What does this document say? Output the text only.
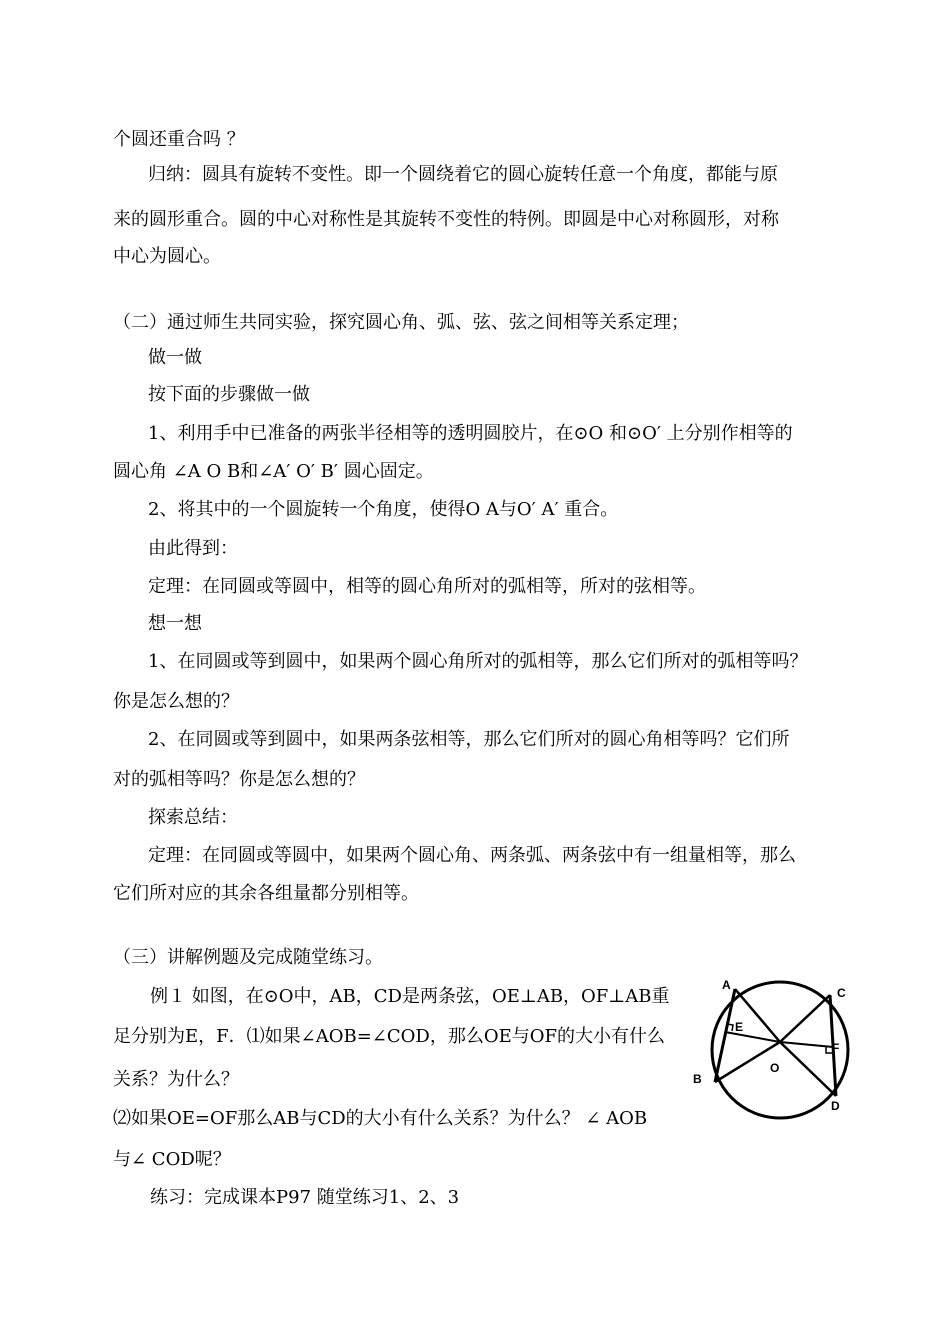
个圆还重合吗 ？
归纳：圆具有旋转不变性。即一个圆绕着它的圆心旋转任意一个角度，都能与原
来的圆形重合。圆的中心对称性是其旋转不变性的特例。即圆是中心对称圆形，对称
中心为圆心。
（二）通过师生共同实验，探究圆心角、弧、弦、弦之间相等关系定理；
做一做
按下面的步骤做一做
1、利用手中已准备的两张半径相等的透明圆胶片，在⊙O 和⊙O′ 上分别作相等的
圆心角 ∠A O B和∠A′ O′ B′ 圆心固定。
2、将其中的一个圆旋转一个角度，使得O A与O′ A′ 重合。
由此得到：
定理：在同圆或等圆中，相等的圆心角所对的弧相等，所对的弦相等。
想一想
1、在同圆或等到圆中，如果两个圆心角所对的弧相等，那么它们所对的弧相等吗？
你是怎么想的？
2、在同圆或等到圆中，如果两条弦相等，那么它们所对的圆心角相等吗？它们所
对的弧相等吗？你是怎么想的？
探索总结：
定理：在同圆或等圆中，如果两个圆心角、两条弧、两条弦中有一组量相等，那么
它们所对应的其余各组量都分别相等。
（三）讲解例题及完成随堂练习。
例１ 如图，在⊙O中，AB，CD是两条弦，OE⊥AB，OF⊥AB重
足分别为E，F．⑴如果∠AOB=∠COD，那么OE与OF的大小有什么
关系？为什么？
⑵如果OE=OF那么AB与CD的大小有什么关系？为什么？ ∠ AOB
与∠ COD呢？
练习：完成课本P97 随堂练习1、2、3
A
B
C
D
E
F
O
